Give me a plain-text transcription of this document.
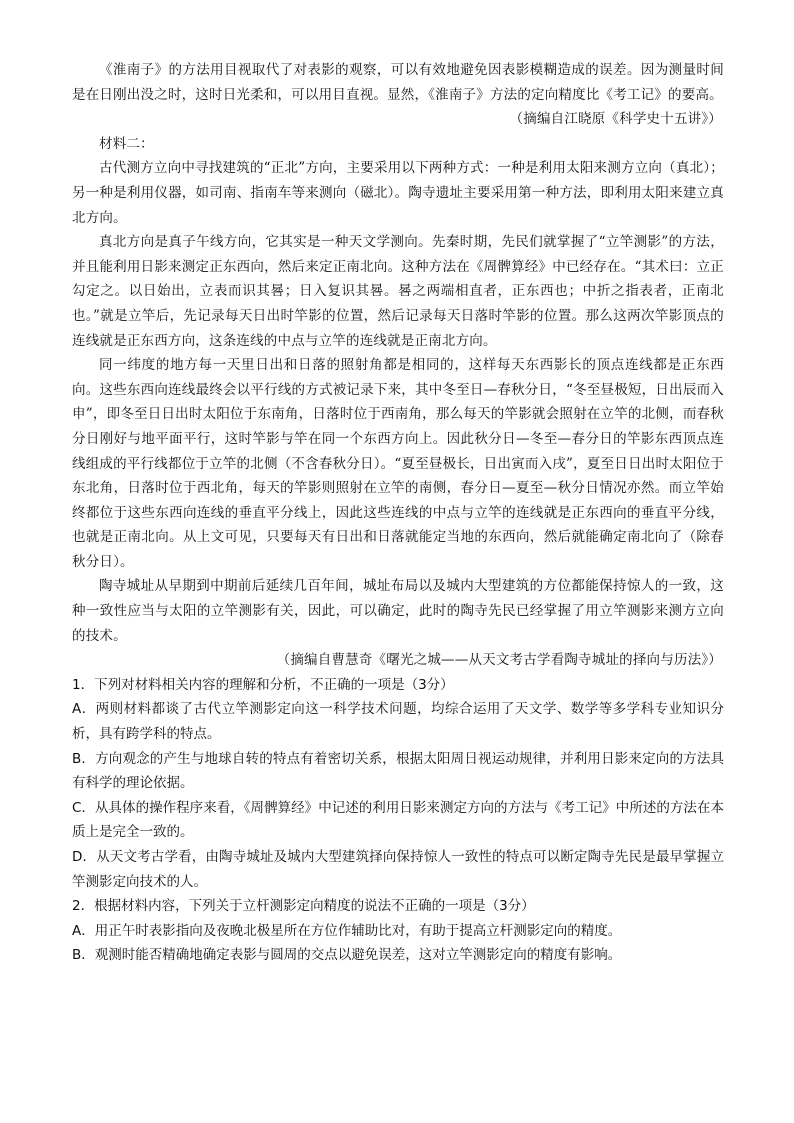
《淮南子》的方法用目视取代了对表影的观察，可以有效地避免因表影模糊造成的误差。因为测量时间是在日刚出没之时，这时日光柔和，可以用目直视。显然，《淮南子》方法的定向精度比《考工记》的要高。

（摘编自江晓原《科学史十五讲》）

材料二：

古代测方立向中寻找建筑的“正北”方向，主要采用以下两种方式：一种是利用太阳来测方立向（真北）；另一种是利用仪器，如司南、指南车等来测向（磁北）。陶寺遗址主要采用第一种方法，即利用太阳来建立真北方向。

真北方向是真子午线方向，它其实是一种天文学测向。先秦时期，先民们就掌握了“立竿测影”的方法，并且能利用日影来测定正东西向，然后来定正南北向。这种方法在《周髀算经》中已经存在。“其术曰：立正勾定之。以日始出，立表而识其晷；日入复识其晷。晷之两端相直者，正东西也；中折之指表者，正南北也。”就是立竿后，先记录每天日出时竿影的位置，然后记录每天日落时竿影的位置。那么这两次竿影顶点的连线就是正东西方向，这条连线的中点与立竿的连线就是正南北方向。

同一纬度的地方每一天里日出和日落的照射角都是相同的，这样每天东西影长的顶点连线都是正东西向。这些东西向连线最终会以平行线的方式被记录下来，其中冬至日—春秋分日，“冬至昼极短，日出辰而入申”，即冬至日日出时太阳位于东南角，日落时位于西南角，那么每天的竿影就会照射在立竿的北侧，而春秋分日刚好与地平面平行，这时竿影与竿在同一个东西方向上。因此秋分日—冬至—春分日的竿影东西顶点连线组成的平行线都位于立竿的北侧（不含春秋分日）。“夏至昼极长，日出寅而入戌”，夏至日日出时太阳位于东北角，日落时位于西北角，每天的竿影则照射在立竿的南侧，春分日—夏至—秋分日情况亦然。而立竿始终都位于这些东西向连线的垂直平分线上，因此这些连线的中点与立竿的连线就是正东西向的垂直平分线，也就是正南北向。从上文可见，只要每天有日出和日落就能定当地的东西向，然后就能确定南北向了（除春秋分日）。

陶寺城址从早期到中期前后延续几百年间，城址布局以及城内大型建筑的方位都能保持惊人的一致，这种一致性应当与太阳的立竿测影有关，因此，可以确定，此时的陶寺先民已经掌握了用立竿测影来测方立向的技术。

（摘编自曹慧奇《曙光之城——从天文考古学看陶寺城址的择向与历法》）

1．下列对材料相关内容的理解和分析，不正确的一项是（3分）

A．两则材料都谈了古代立竿测影定向这一科学技术问题，均综合运用了天文学、数学等多学科专业知识分析，具有跨学科的特点。

B．方向观念的产生与地球自转的特点有着密切关系，根据太阳周日视运动规律，并利用日影来定向的方法具有科学的理论依据。

C．从具体的操作程序来看，《周髀算经》中记述的利用日影来测定方向的方法与《考工记》中所述的方法在本质上是完全一致的。

D．从天文考古学看，由陶寺城址及城内大型建筑择向保持惊人一致性的特点可以断定陶寺先民是最早掌握立竿测影定向技术的人。

2．根据材料内容，下列关于立杆测影定向精度的说法不正确的一项是（3分）

A．用正午时表影指向及夜晚北极星所在方位作辅助比对，有助于提高立杆测影定向的精度。

B．观测时能否精确地确定表影与圆周的交点以避免误差，这对立竿测影定向的精度有影响。
